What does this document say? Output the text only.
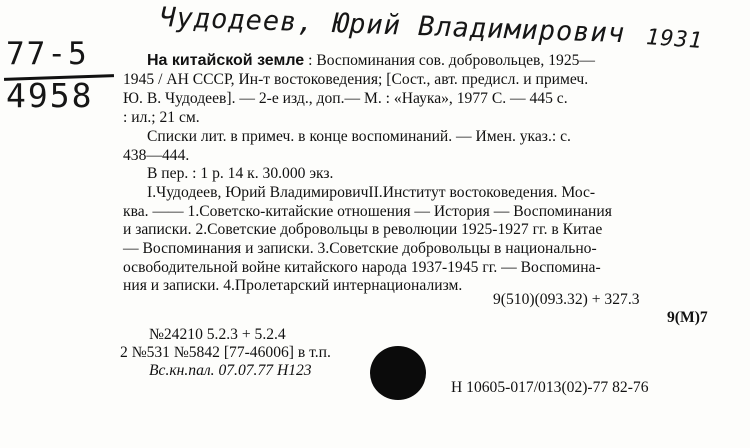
Чудодеев, Юрий Владимирович 1931
77-5
4958
На китайской земле : Воспоминания сов. добровольцев, 1925—
1945 / АН СССР, Ин-т востоковедения; [Сост., авт. предисл. и примеч.
Ю. В. Чудодеев]. — 2-е изд., доп.— М. : «Наука», 1977 С. — 445 с.
: ил.; 21 см.
Списки лит. в примеч. в конце воспоминаний. — Имен. указ.: с.
438—444.
В пер. : 1 р. 14 к. 30.000 экз.
I.Чудодеев, Юрий ВладимировичII.Институт востоковедения. Мос-
ква. —— 1.Советско-китайские отношения — История — Воспоминания
и записки. 2.Советские добровольцы в революции 1925-1927 гг. в Китае
— Воспоминания и записки. 3.Советские добровольцы в национально-
освободительной войне китайского народа 1937-1945 гг. — Воспомина-
ния и записки. 4.Пролетарский интернационализм.
9(510)(093.32) + 327.3
9(M)7
№24210 5.2.3 + 5.2.4
2 №531 №5842 [77-46006] в т.п.
Вс.кн.пал. 07.07.77 Н123
Н 10605-017/013(02)-77 82-76
